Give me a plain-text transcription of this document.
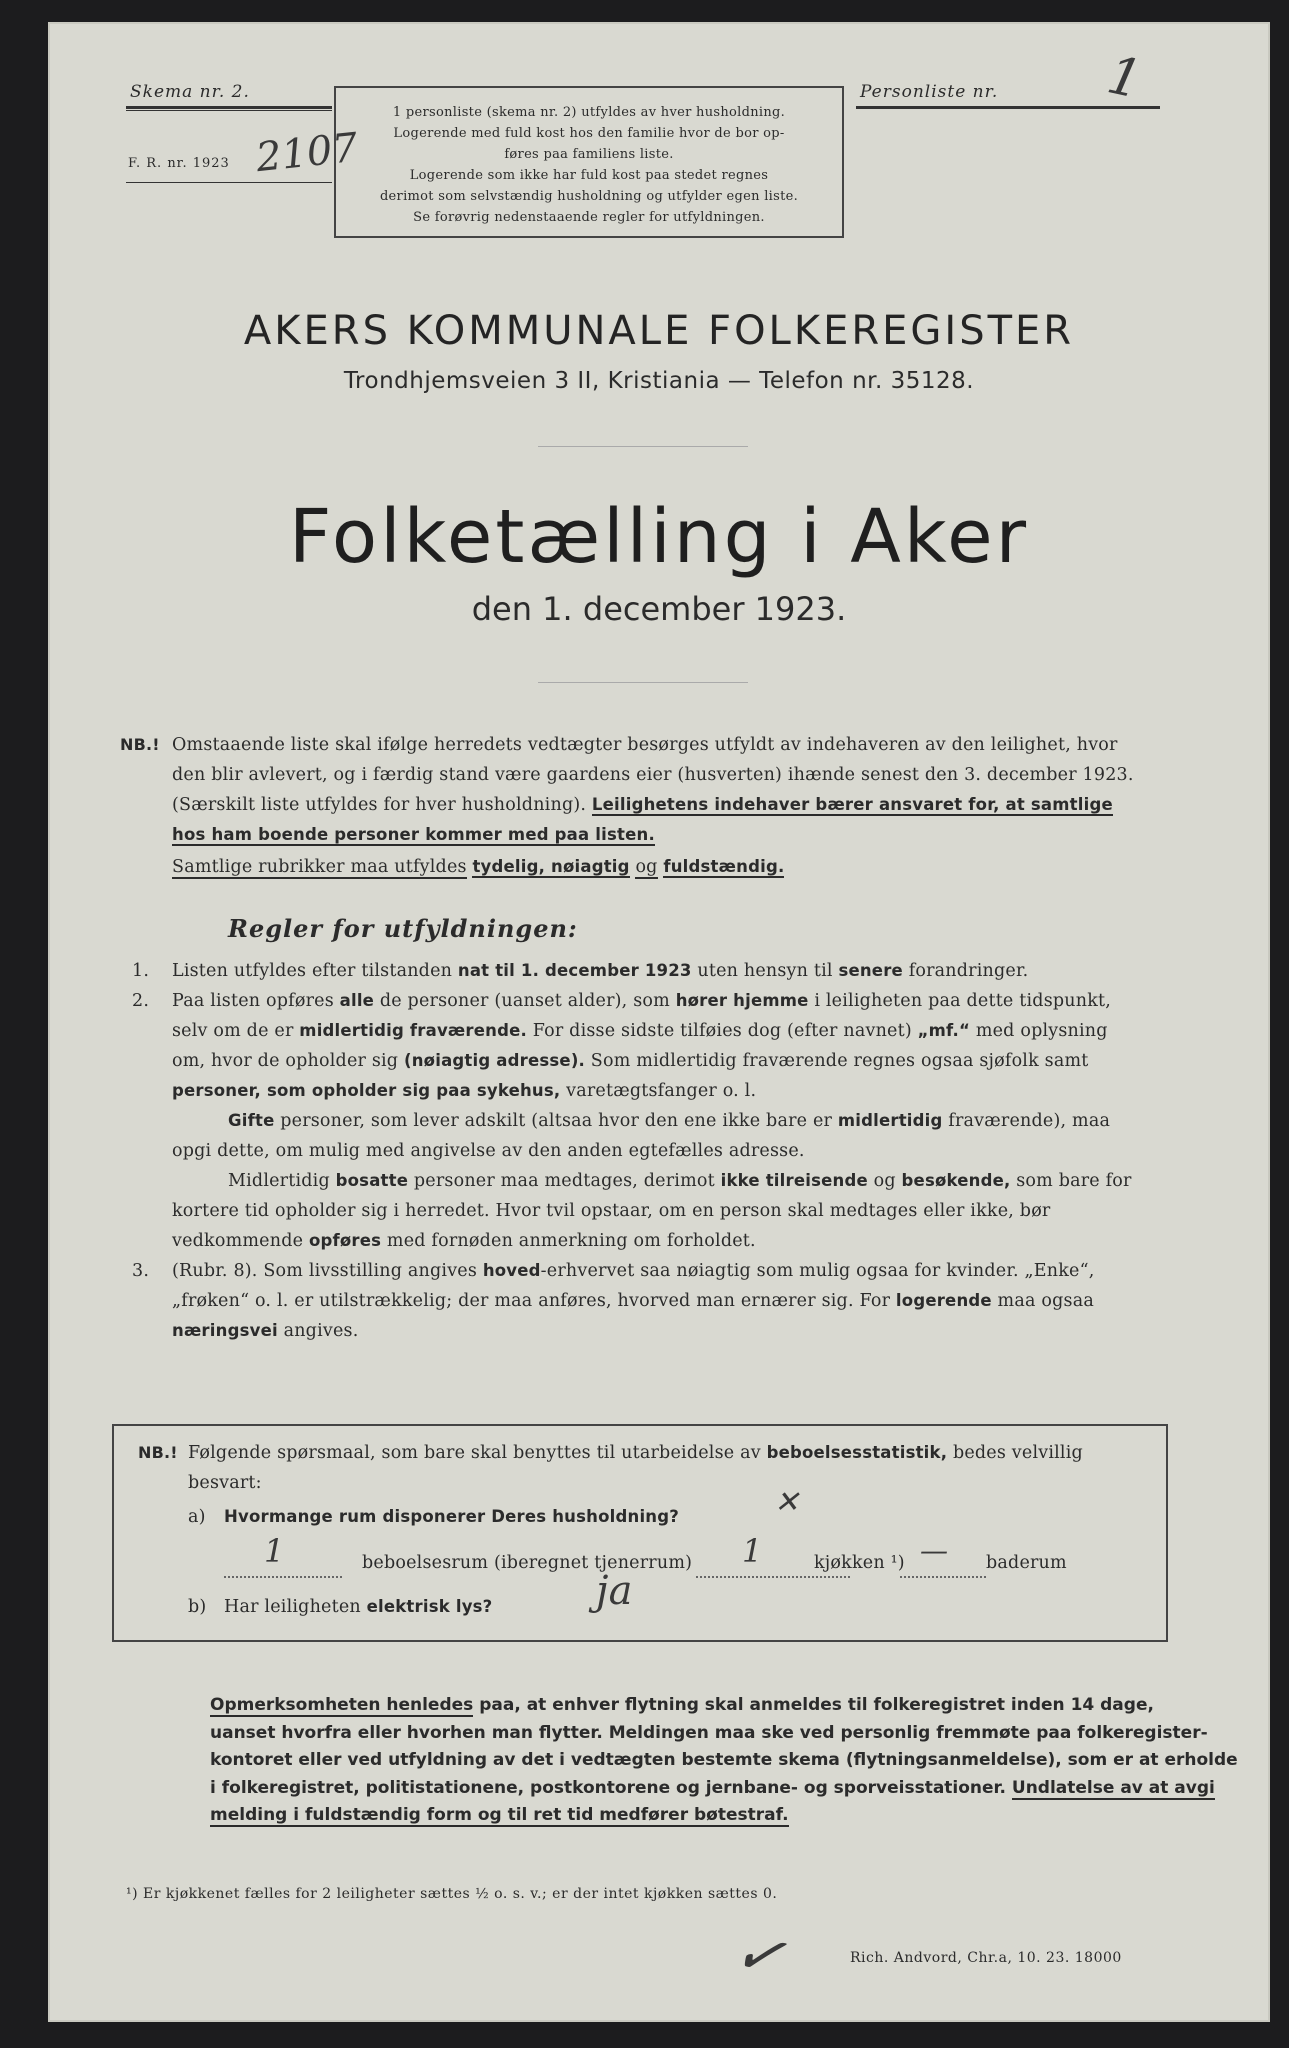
Skema nr. 2.
F. R. nr. 1923 2107
1 personliste (skema nr. 2) utfyldes av hver husholdning.
Logerende med fuld kost hos den familie hvor de bor op-
føres paa familiens liste.
Logerende som ikke har fuld kost paa stedet regnes
derimot som selvstændig husholdning og utfylder egen liste.
Se forøvrig nedenstaaende regler for utfyldningen.
Personliste nr. 1
AKERS KOMMUNALE FOLKEREGISTER
Trondhjemsveien 3 II, Kristiania — Telefon nr. 35128.
Folketælling i Aker
den 1. december 1923.
NB.! Omstaaende liste skal ifølge herredets vedtægter besørges utfyldt av indehaveren av den leilighet, hvor
den blir avlevert, og i færdig stand være gaardens eier (husverten) ihænde senest den 3. december 1923.
(Særskilt liste utfyldes for hver husholdning). Leilighetens indehaver bærer ansvaret for, at samtlige
hos ham boende personer kommer med paa listen.
Samtlige rubrikker maa utfyldes tydelig, nøiagtig og fuldstændig.
Regler for utfyldningen:
1. Listen utfyldes efter tilstanden nat til 1. december 1923 uten hensyn til senere forandringer.
2. Paa listen opføres alle de personer (uanset alder), som hører hjemme i leiligheten paa dette tidspunkt,
selv om de er midlertidig fraværende. For disse sidste tilføies dog (efter navnet) „mf.“ med oplysning
om, hvor de opholder sig (nøiagtig adresse). Som midlertidig fraværende regnes ogsaa sjøfolk samt
personer, som opholder sig paa sykehus, varetægtsfanger o. l.
Gifte personer, som lever adskilt (altsaa hvor den ene ikke bare er midlertidig fraværende), maa
opgi dette, om mulig med angivelse av den anden egtefælles adresse.
Midlertidig bosatte personer maa medtages, derimot ikke tilreisende og besøkende, som bare for
kortere tid opholder sig i herredet. Hvor tvil opstaar, om en person skal medtages eller ikke, bør
vedkommende opføres med fornøden anmerkning om forholdet.
3. (Rubr. 8). Som livsstilling angives hoved-erhvervet saa nøiagtig som mulig ogsaa for kvinder. „Enke“,
„frøken“ o. l. er utilstrækkelig; der maa anføres, hvorved man ernærer sig. For logerende maa ogsaa
næringsvei angives.
NB.! Følgende spørsmaal, som bare skal benyttes til utarbeidelse av beboelsesstatistik, bedes velvillig
besvart:
a) Hvormange rum disponerer Deres husholdning?	✕
1	beboelsesrum (iberegnet tjenerrum) 1	kjøkken ¹) — baderum
b) Har leiligheten elektrisk lys?	ja
Opmerksomheten henledes paa, at enhver flytning skal anmeldes til folkeregistret inden 14 dage,
uanset hvorfra eller hvorhen man flytter. Meldingen maa ske ved personlig fremmøte paa folkeregister-
kontoret eller ved utfyldning av det i vedtægten bestemte skema (flytningsanmeldelse), som er at erholde
i folkeregistret, politistationene, postkontorene og jernbane- og sporveisstationer. Undlatelse av at avgi
melding i fuldstændig form og til ret tid medfører bøtestraf.
¹) Er kjøkkenet fælles for 2 leiligheter sættes ½ o. s. v.; er der intet kjøkken sættes 0.
✓	Rich. Andvord, Chr.a, 10. 23. 18000
